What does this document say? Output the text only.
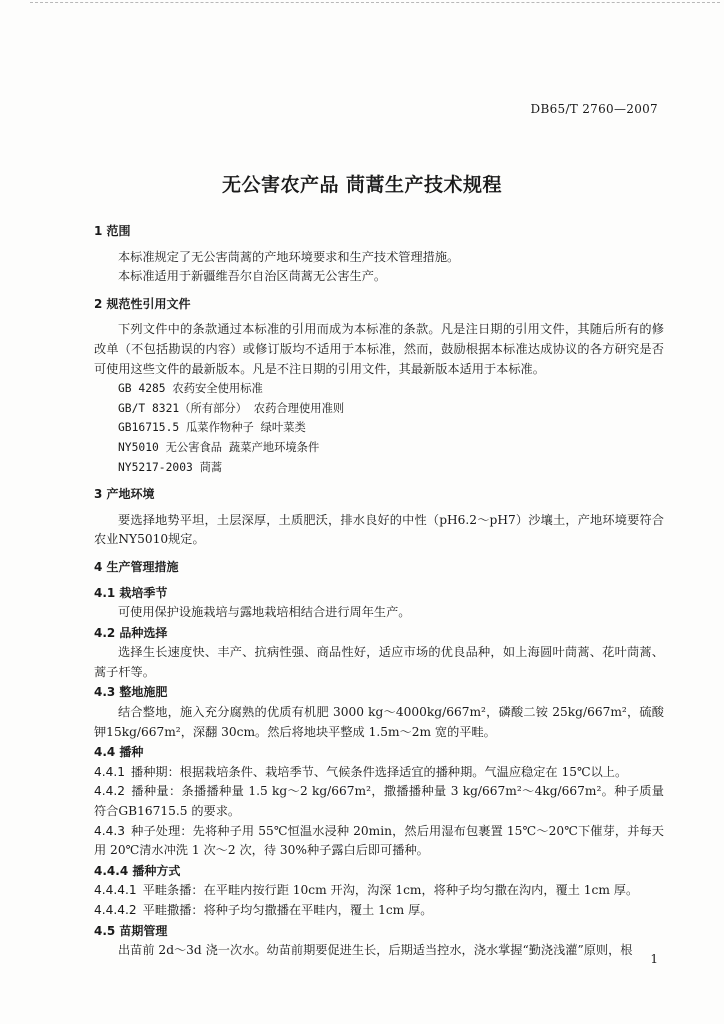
DB65/T 2760—2007
无公害农产品 茼蒿生产技术规程
1 范围
本标准规定了无公害茼蒿的产地环境要求和生产技术管理措施。
本标准适用于新疆维吾尔自治区茼蒿无公害生产。
2 规范性引用文件
下列文件中的条款通过本标准的引用而成为本标准的条款。凡是注日期的引用文件，其随后所有的修改单（不包括勘误的内容）或修订版均不适用于本标准，然而，鼓励根据本标准达成协议的各方研究是否可使用这些文件的最新版本。凡是不注日期的引用文件，其最新版本适用于本标准。
GB 4285 农药安全使用标准
GB/T 8321（所有部分） 农药合理使用准则
GB16715.5 瓜菜作物种子 绿叶菜类
NY5010 无公害食品 蔬菜产地环境条件
NY5217-2003 茼蒿
3 产地环境
要选择地势平坦，土层深厚，土质肥沃，排水良好的中性（pH6.2～pH7）沙壤土，产地环境要符合农业NY5010规定。
4 生产管理措施
4.1 栽培季节
可使用保护设施栽培与露地栽培相结合进行周年生产。
4.2 品种选择
选择生长速度快、丰产、抗病性强、商品性好，适应市场的优良品种，如上海圆叶茼蒿、花叶茼蒿、蒿子杆等。
4.3 整地施肥
结合整地，施入充分腐熟的优质有机肥 3000 kg～4000kg/667m²，磷酸二铵 25kg/667m²，硫酸钾15kg/667m²，深翻 30cm。然后将地块平整成 1.5m～2m 宽的平畦。
4.4 播种
4.4.1 播种期：根据栽培条件、栽培季节、气候条件选择适宜的播种期。气温应稳定在 15℃以上。
4.4.2 播种量：条播播种量 1.5 kg～2 kg/667m²，撒播播种量 3 kg/667m²～4kg/667m²。种子质量符合GB16715.5 的要求。
4.4.3 种子处理：先将种子用 55℃恒温水浸种 20min，然后用湿布包裹置 15℃～20℃下催芽，并每天用 20℃清水冲洗 1 次～2 次，待 30%种子露白后即可播种。
4.4.4 播种方式
4.4.4.1 平畦条播：在平畦内按行距 10cm 开沟，沟深 1cm，将种子均匀撒在沟内，覆土 1cm 厚。
4.4.4.2 平畦撒播：将种子均匀撒播在平畦内，覆土 1cm 厚。
4.5 苗期管理
出苗前 2d～3d 浇一次水。幼苗前期要促进生长，后期适当控水，浇水掌握“勤浇浅灌”原则，根
1
